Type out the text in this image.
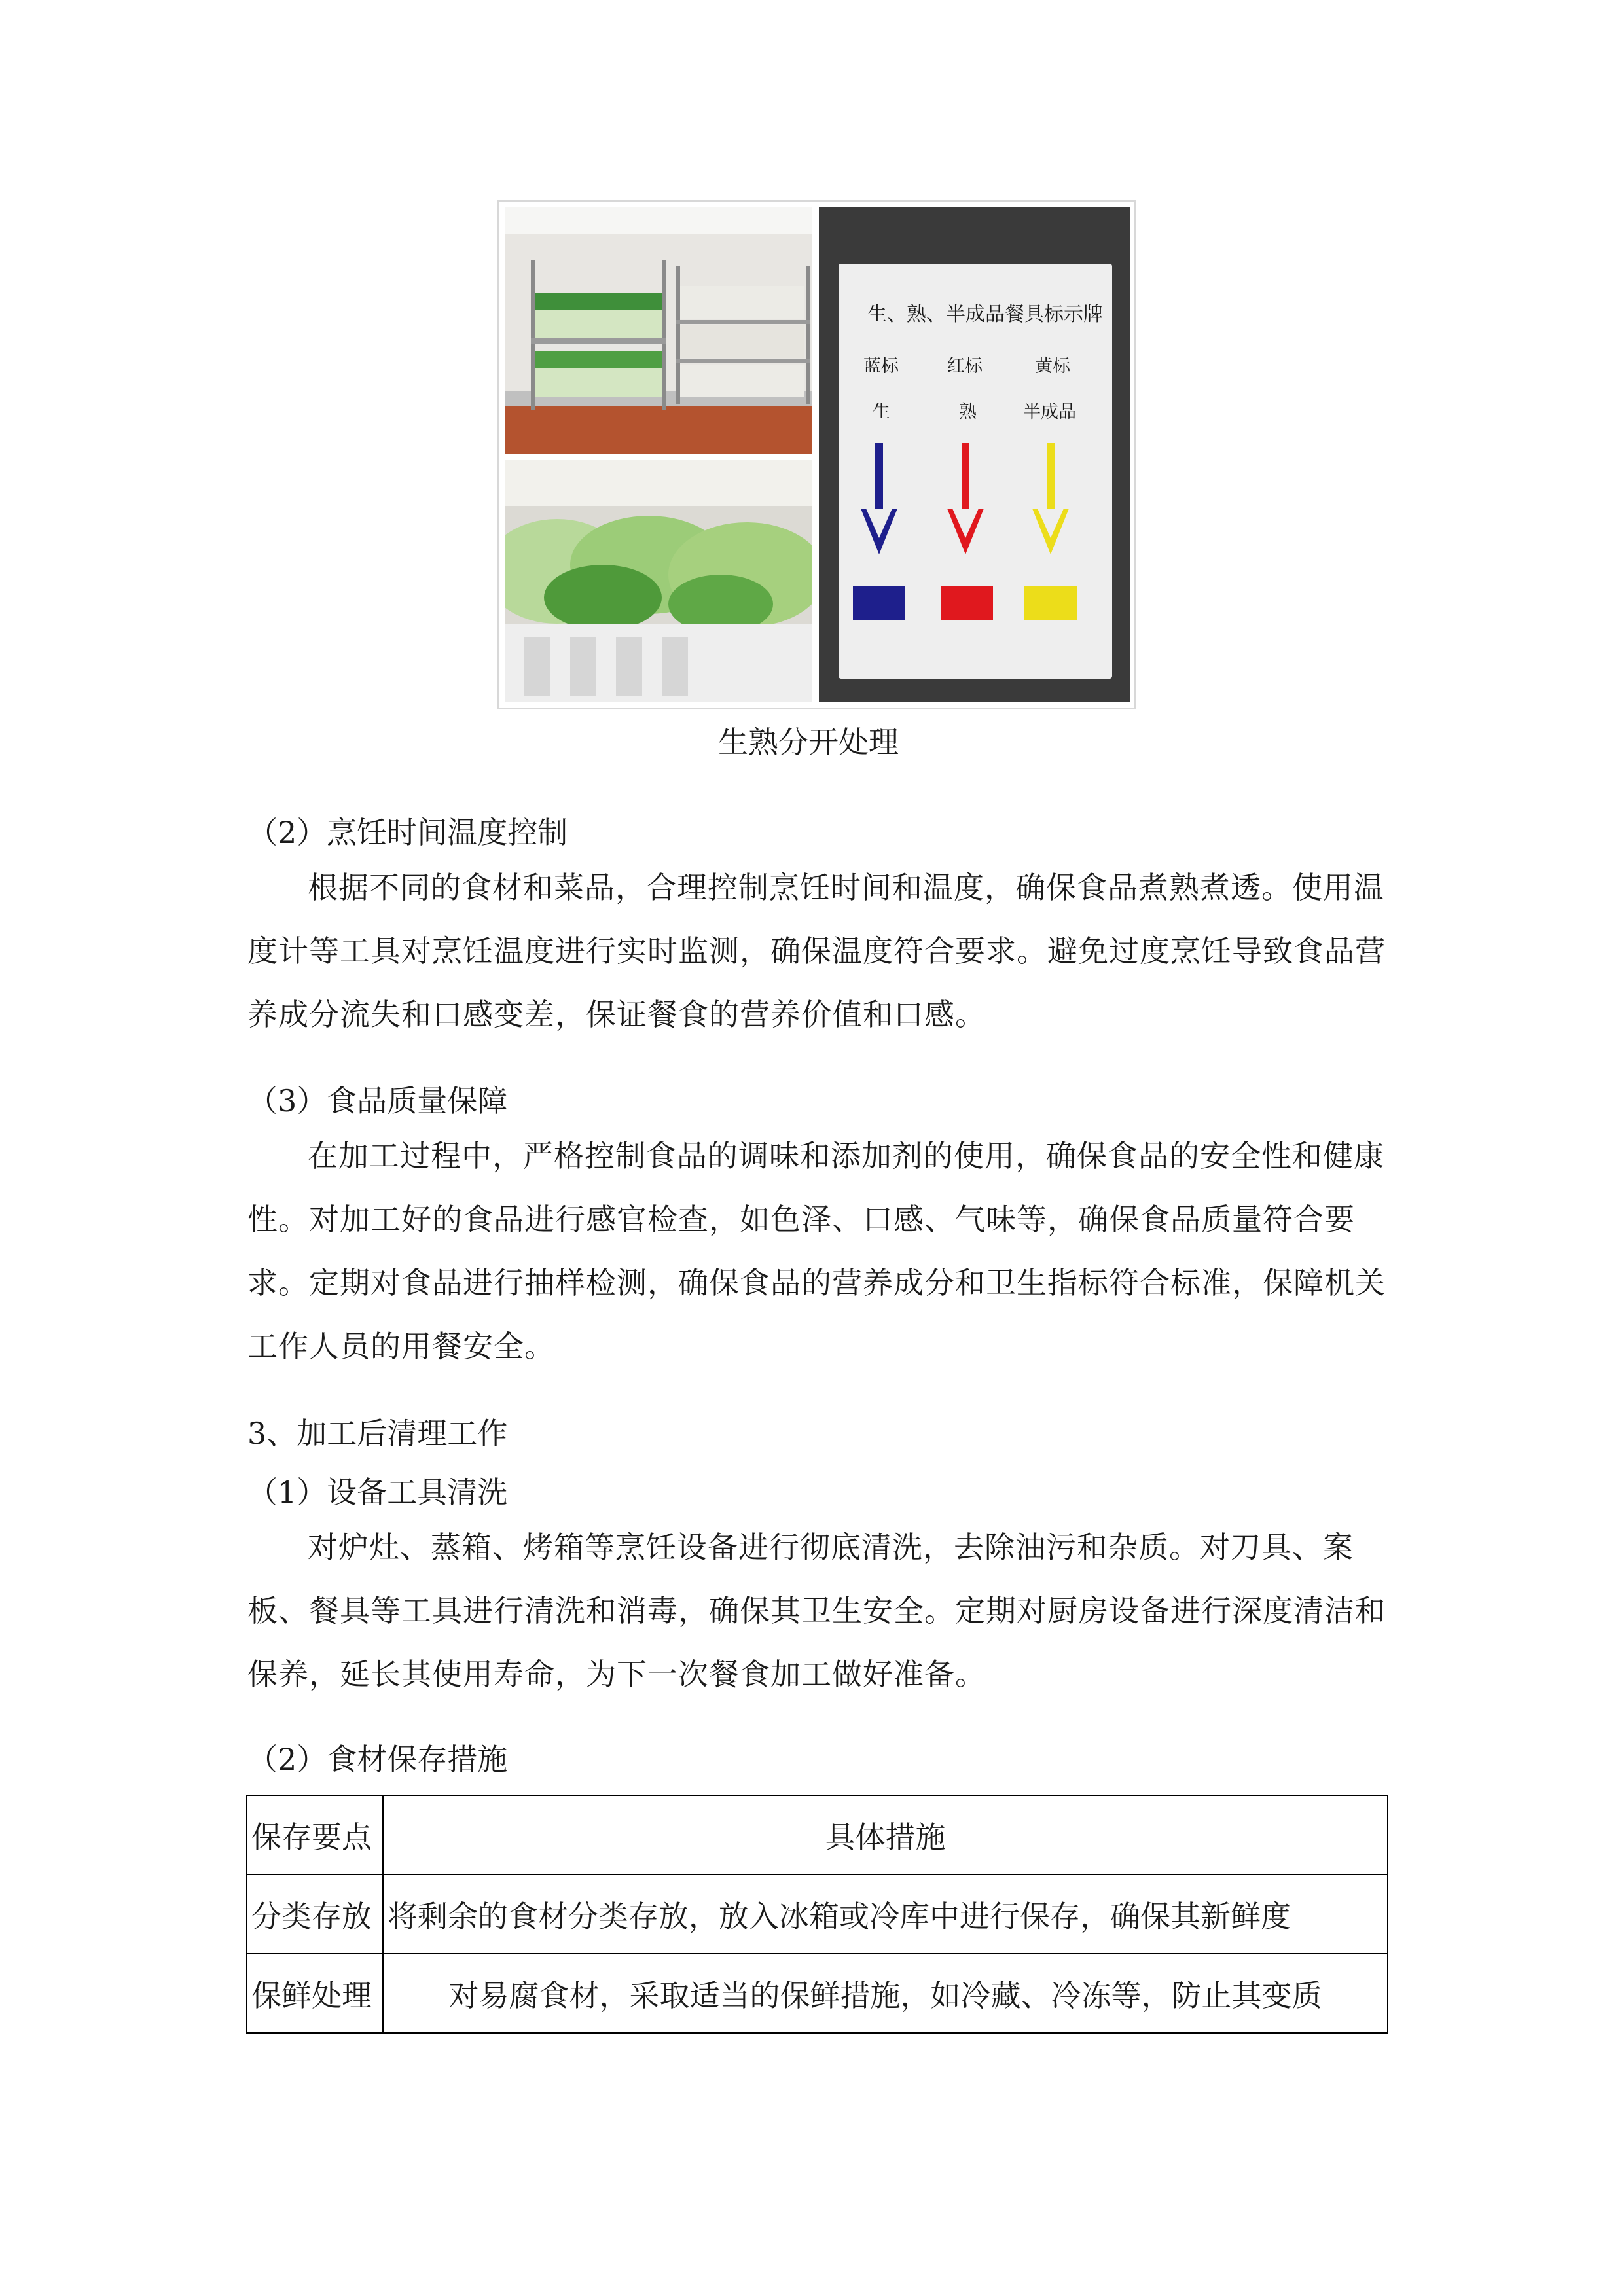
生、熟、半成品餐具标示牌
蓝标
生
红标
熟
黄标
半成品
生熟分开处理
（2）烹饪时间温度控制

根据不同的食材和菜品，合理控制烹饪时间和温度，确保食品煮熟煮透。使用温度计等工具对烹饪温度进行实时监测，确保温度符合要求。避免过度烹饪导致食品营养成分流失和口感变差，保证餐食的营养价值和口感。

（3）食品质量保障

在加工过程中，严格控制食品的调味和添加剂的使用，确保食品的安全性和健康性。对加工好的食品进行感官检查，如色泽、口感、气味等，确保食品质量符合要求。定期对食品进行抽样检测，确保食品的营养成分和卫生指标符合标准，保障机关工作人员的用餐安全。

3、加工后清理工作
（1）设备工具清洗

对炉灶、蒸箱、烤箱等烹饪设备进行彻底清洗，去除油污和杂质。对刀具、案板、餐具等工具进行清洗和消毒，确保其卫生安全。定期对厨房设备进行深度清洁和保养，延长其使用寿命，为下一次餐食加工做好准备。

（2）食材保存措施
保存要点	具体措施
分类存放	将剩余的食材分类存放，放入冰箱或冷库中进行保存，确保其新鲜度
保鲜处理	对易腐食材，采取适当的保鲜措施，如冷藏、冷冻等，防止其变质
